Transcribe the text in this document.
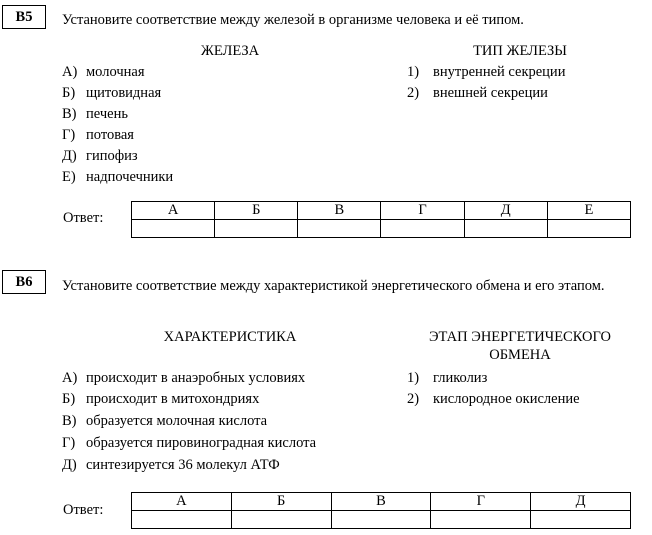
В5	Установите соответствие между железой в организме человека и её типом.
ЖЕЛЕЗА	ТИП ЖЕЛЕЗЫ
А) молочная
Б) щитовидная
В) печень
Г) потовая
Д) гипофиз
Е) надпочечники
1) внутренней секреции
2) внешней секреции
Ответ:	А	Б	В	Г	Д	Е

В6	Установите соответствие между характеристикой энергетического обмена и его этапом.
ХАРАКТЕРИСТИКА	ЭТАП ЭНЕРГЕТИЧЕСКОГО
ОБМЕНА
А) происходит в анаэробных условиях
Б) происходит в митохондриях
В) образуется молочная кислота
Г) образуется пировиноградная кислота
Д) синтезируется 36 молекул АТФ
1) гликолиз
2) кислородное окисление
Ответ:
А	Б	В	Г	Д
